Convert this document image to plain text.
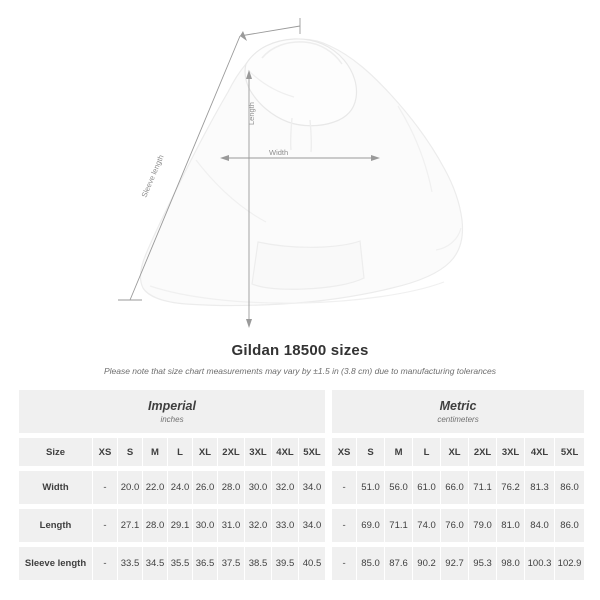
Length
Width
Sleeve length
Gildan 18500 sizes
Please note that size chart measurements may vary by ±1.5 in (3.8 cm) due to manufacturing tolerances
Imperial
inches

Metric
centimeters

Size	XS	S	M	L	XL	2XL	3XL	4XL	5XL		XS	S	M	L	XL	2XL	3XL	4XL	5XL

Width	-	20.0	22.0	24.0	26.0	28.0	30.0	32.0	34.0		-	51.0	56.0	61.0	66.0	71.1	76.2	81.3	86.0

Length	-	27.1	28.0	29.1	30.0	31.0	32.0	33.0	34.0		-	69.0	71.1	74.0	76.0	79.0	81.0	84.0	86.0

Sleeve length	-	33.5	34.5	35.5	36.5	37.5	38.5	39.5	40.5		-	85.0	87.6	90.2	92.7	95.3	98.0	100.3	102.9
